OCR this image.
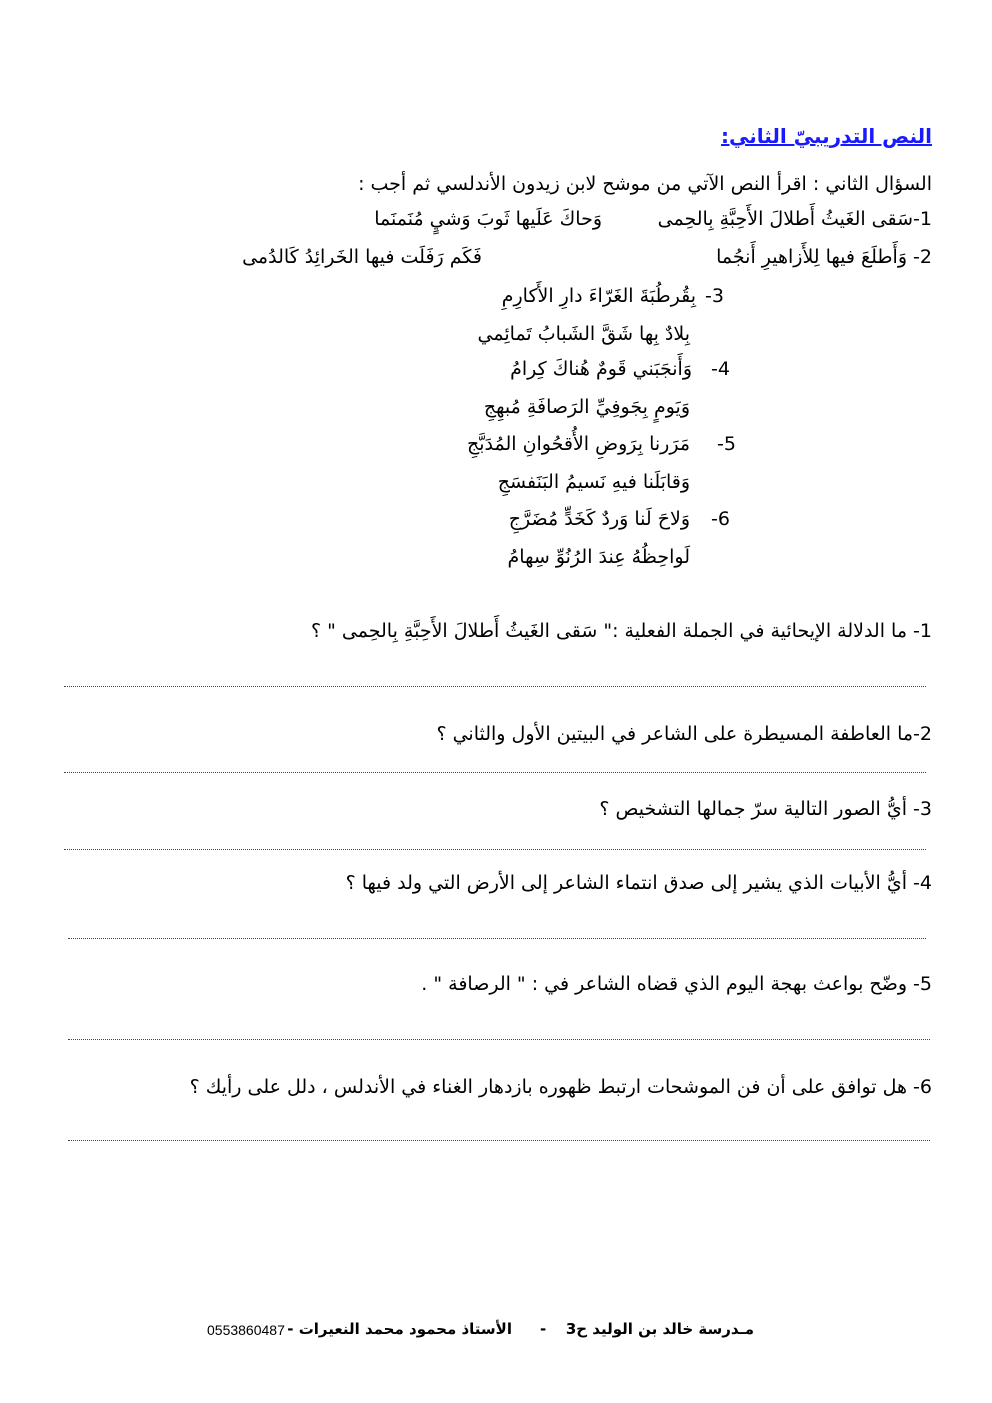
النص التدريبيّ الثاني:
السؤال الثاني : اقرأ النص الآتي من موشح لابن زيدون الأندلسي ثم أجب :
1-سَقى الغَيثُ أَطلالَ الأَحِبَّةِ بِالحِمى
وَحاكَ عَلَيها ثَوبَ وَشيٍ مُنَمنَما
2- وَأَطلَعَ فيها لِلأَزاهيرِ أَنجُما
فَكَم رَفَلَت فيها الخَرائِدُ كَالدُمى
3-
بِقُرطُبَةَ الغَرّاءَ دارِ الأَكارِمِ
بِلادٌ بِها شَقَّ الشَبابُ تَمائِمي
4-
وَأَنجَبَني قَومٌ هُناكَ كِرامُ
وَيَومٍ بِجَوفِيِّ الرَصافَةِ مُبهِجِ
5-
مَرَرنا بِرَوضِ الأُقحُوانِ المُدَبَّجِ
وَقابَلَنا فيهِ نَسيمُ البَنَفسَجِ
6-
وَلاحَ لَنا وَردٌ كَخَدٍّ مُضَرَّجِ
لَواحِظُهُ عِندَ الرُنُوِّ سِهامُ
1- ما الدلالة الإيحائية في الجملة الفعلية :" سَقى الغَيثُ أَطلالَ الأَحِبَّةِ بِالحِمى " ؟
2-ما العاطفة المسيطرة على الشاعر في البيتين الأول والثاني ؟
3- أيُّ الصور التالية سرّ جمالها التشخيص ؟
4- أيُّ الأبيات الذي يشير إلى صدق انتماء الشاعر إلى الأرض التي ولد فيها ؟
5- وضّح بواعث بهجة اليوم الذي قضاه الشاعر في : " الرصافة " .
6- هل توافق على أن فن الموشحات ارتبط ظهوره بازدهار الغناء في الأندلس ، دلل على رأيك ؟
مـدرسة خالد بن الوليد ح3
-
الأستاذ محمود محمد النعيرات -
0553860487
